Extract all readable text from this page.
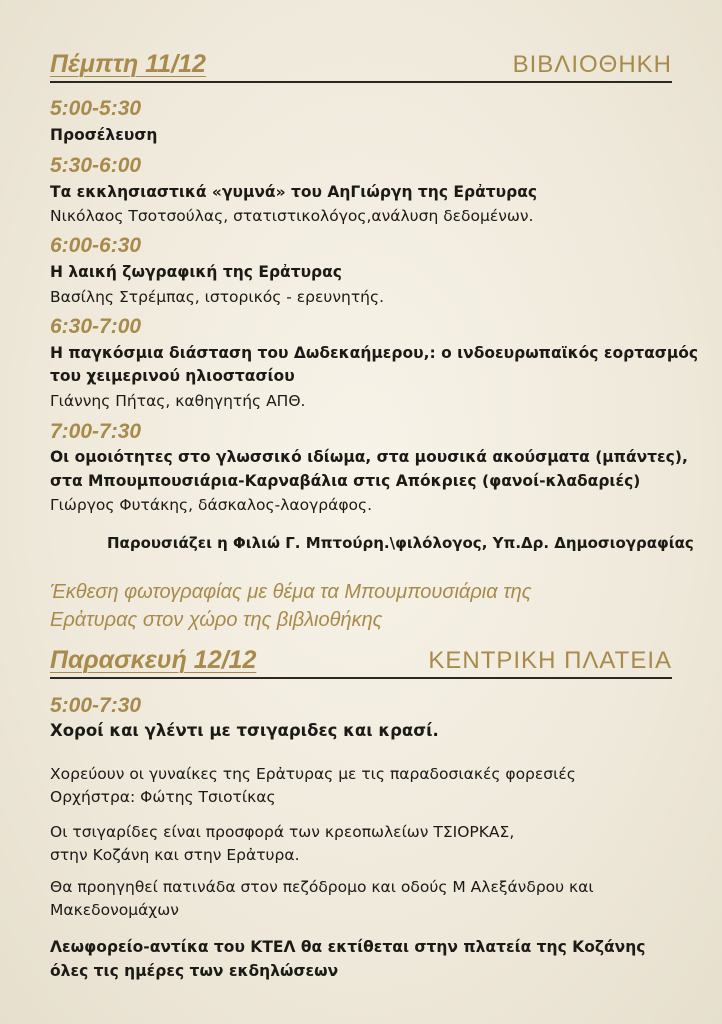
Πέμπτη 11/12	ΒΙΒΛΙΟΘΗΚΗ
5:00-5:30
Προσέλευση
5:30-6:00
Τα εκκλησιαστικά «γυμνά» του ΑηΓιώργη της Ερἀτυρας
Νικόλαος Τσοτσούλας, στατιστικολόγος,ανάλυση δεδομένων.
6:00-6:30
Η λαική ζωγραφική της Ερἀτυρας
Βασίλης Στρέμπας, ιστορικός - ερευνητής.
6:30-7:00
Η παγκόσμια διάσταση του Δωδεκαήμερου,: ο ινδοευρωπαϊκός εορτασμός
του χειμερινού ηλιοστασίου
Γιάννης Πήτας, καθηγητής ΑΠΘ.
7:00-7:30
Οι ομοιότητες στο γλωσσικό ιδίωμα, στα μουσικά ακούσματα (μπάντες),
στα Μπουμπουσιάρια-Καρναβάλια στις Απόκριες (φανοί-κλαδαριές)
Γιώργος Φυτάκης, δάσκαλος-λαογράφος.
Παρουσιάζει η Φιλιώ Γ. Μπτούρη.\φιλόλογος, Υπ.Δρ. Δημοσιογραφίας
Έκθεση φωτογραφίας με θέμα τα Μπουμπουσιάρια της
Ερἀτυρας στον χώρο της βιβλιοθήκης
Παρασκευή 12/12	ΚΕΝΤΡΙΚΗ ΠΛΑΤΕΙΑ
5:00-7:30
Χοροί και γλέντι με τσιγαριδες και κρασί.
Χορεύουν οι γυναίκες της Ερἀτυρας με τις παραδοσιακές φορεσιές
Ορχήστρα: Φώτης Τσιοτίκας
Οι τσιγαρίδες είναι προσφορά των κρεοπωλείων ΤΣΙΟΡΚΑΣ,
στην Κοζάνη και στην Ερἀτυρα.
Θα προηγηθεί πατινάδα στον πεζόδρομο και οδούς Μ Αλεξάνδρου και
Μακεδονομάχων
Λεωφορείο-αντίκα του ΚΤΕΛ θα εκτίθεται στην πλατεία της Κοζάνης
όλες τις ημέρες των εκδηλώσεων
